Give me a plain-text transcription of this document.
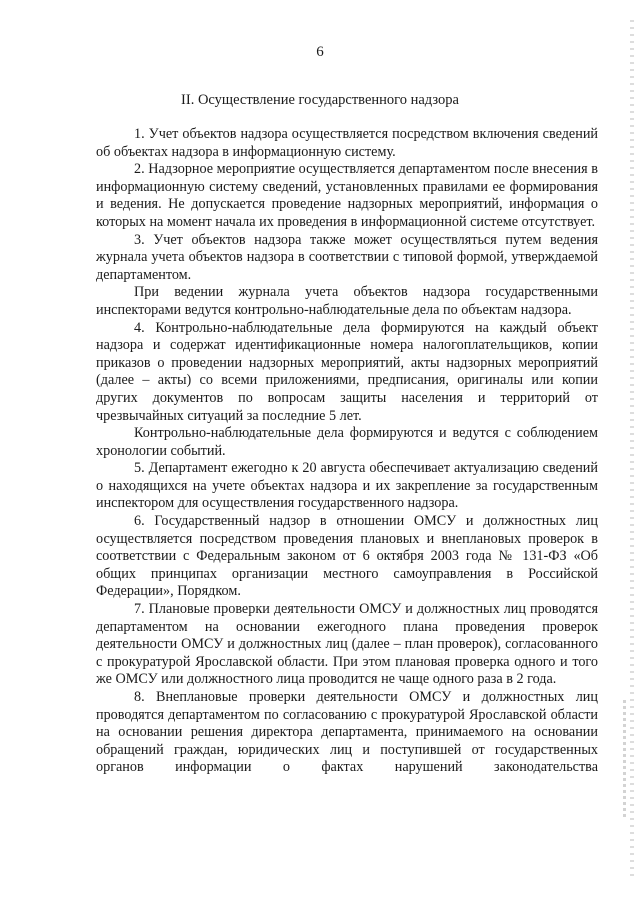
6
II. Осуществление государственного надзора

1. Учет объектов надзора осуществляется посредством включения сведений об объектах надзора в информационную систему.

2. Надзорное мероприятие осуществляется департаментом после внесения в информационную систему сведений, установленных правилами ее формирования и ведения. Не допускается проведение надзорных мероприятий, информация о которых на момент начала их проведения в информационной системе отсутствует.

3. Учет объектов надзора также может осуществляться путем ведения журнала учета объектов надзора в соответствии с типовой формой, утверждаемой департаментом.

При ведении журнала учета объектов надзора государственными инспекторами ведутся контрольно-наблюдательные дела по объектам надзора.

4. Контрольно-наблюдательные дела формируются на каждый объект надзора и содержат идентификационные номера налогоплательщиков, копии приказов о проведении надзорных мероприятий, акты надзорных мероприятий (далее – акты) со всеми приложениями, предписания, оригиналы или копии других документов по вопросам защиты населения и территорий от чрезвычайных ситуаций за последние 5 лет.

Контрольно-наблюдательные дела формируются и ведутся с соблюдением хронологии событий.

5. Департамент ежегодно к 20 августа обеспечивает актуализацию сведений о находящихся на учете объектах надзора и их закрепление за государственным инспектором для осуществления государственного надзора.

6. Государственный надзор в отношении ОМСУ и должностных лиц осуществляется посредством проведения плановых и внеплановых проверок в соответствии с Федеральным законом от 6 октября 2003 года № 131-ФЗ «Об общих принципах организации местного самоуправления в Российской Федерации», Порядком.

7. Плановые проверки деятельности ОМСУ и должностных лиц проводятся департаментом на основании ежегодного плана проведения проверок деятельности ОМСУ и должностных лиц (далее – план проверок), согласованного с прокуратурой Ярославской области. При этом плановая проверка одного и того же ОМСУ или должностного лица проводится не чаще одного раза в 2 года.

8. Внеплановые проверки деятельности ОМСУ и должностных лиц проводятся департаментом по согласованию с прокуратурой Ярославской области на основании решения директора департамента, принимаемого на основании обращений граждан, юридических лиц и поступившей от государственных органов информации о фактах нарушений законодательства
